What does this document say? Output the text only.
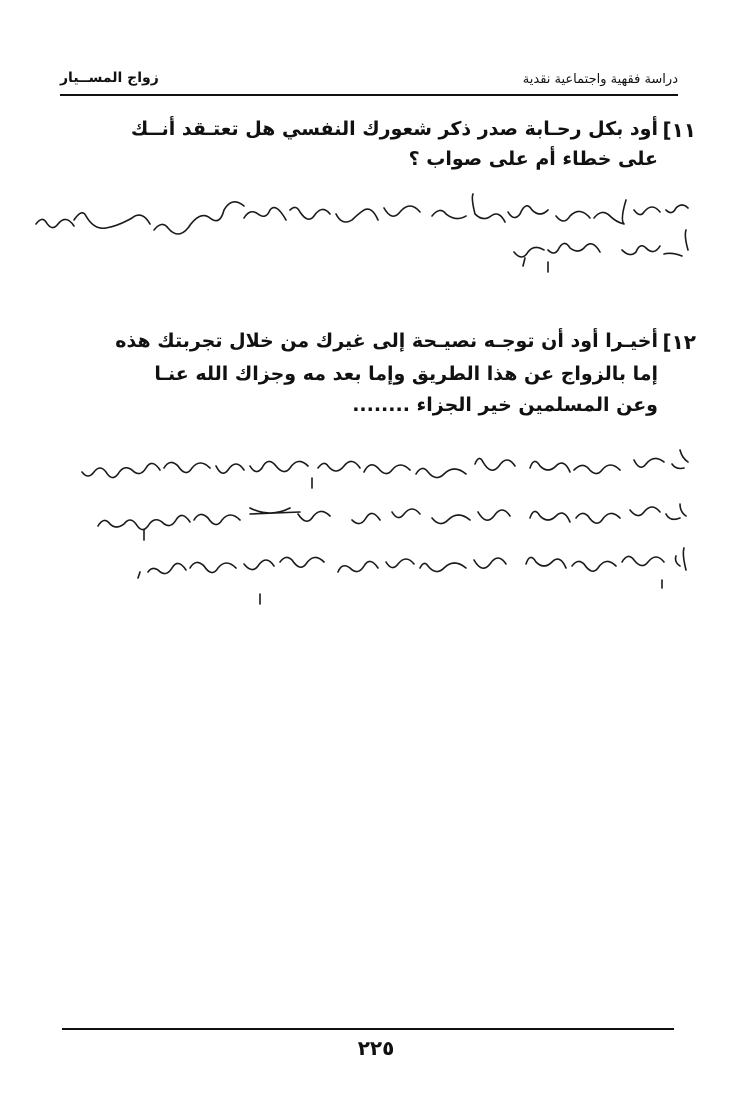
دراسة فقهية واجتماعية نقدية
زواج المســيار
١١]
أود بكل رحـابة صدر ذكر شعورك النفسي هل تعتـقد أنــك
على خطاء أم على صواب ؟
١٢]
أخيـرا أود أن توجـه نصيـحة إلى غيرك من خلال تجربتك هذه
إما بالزواج عن هذا الطريق وإما بعد مه وجزاك الله عنـا
وعن المسلمين خير الجزاء ........
٢٢٥
